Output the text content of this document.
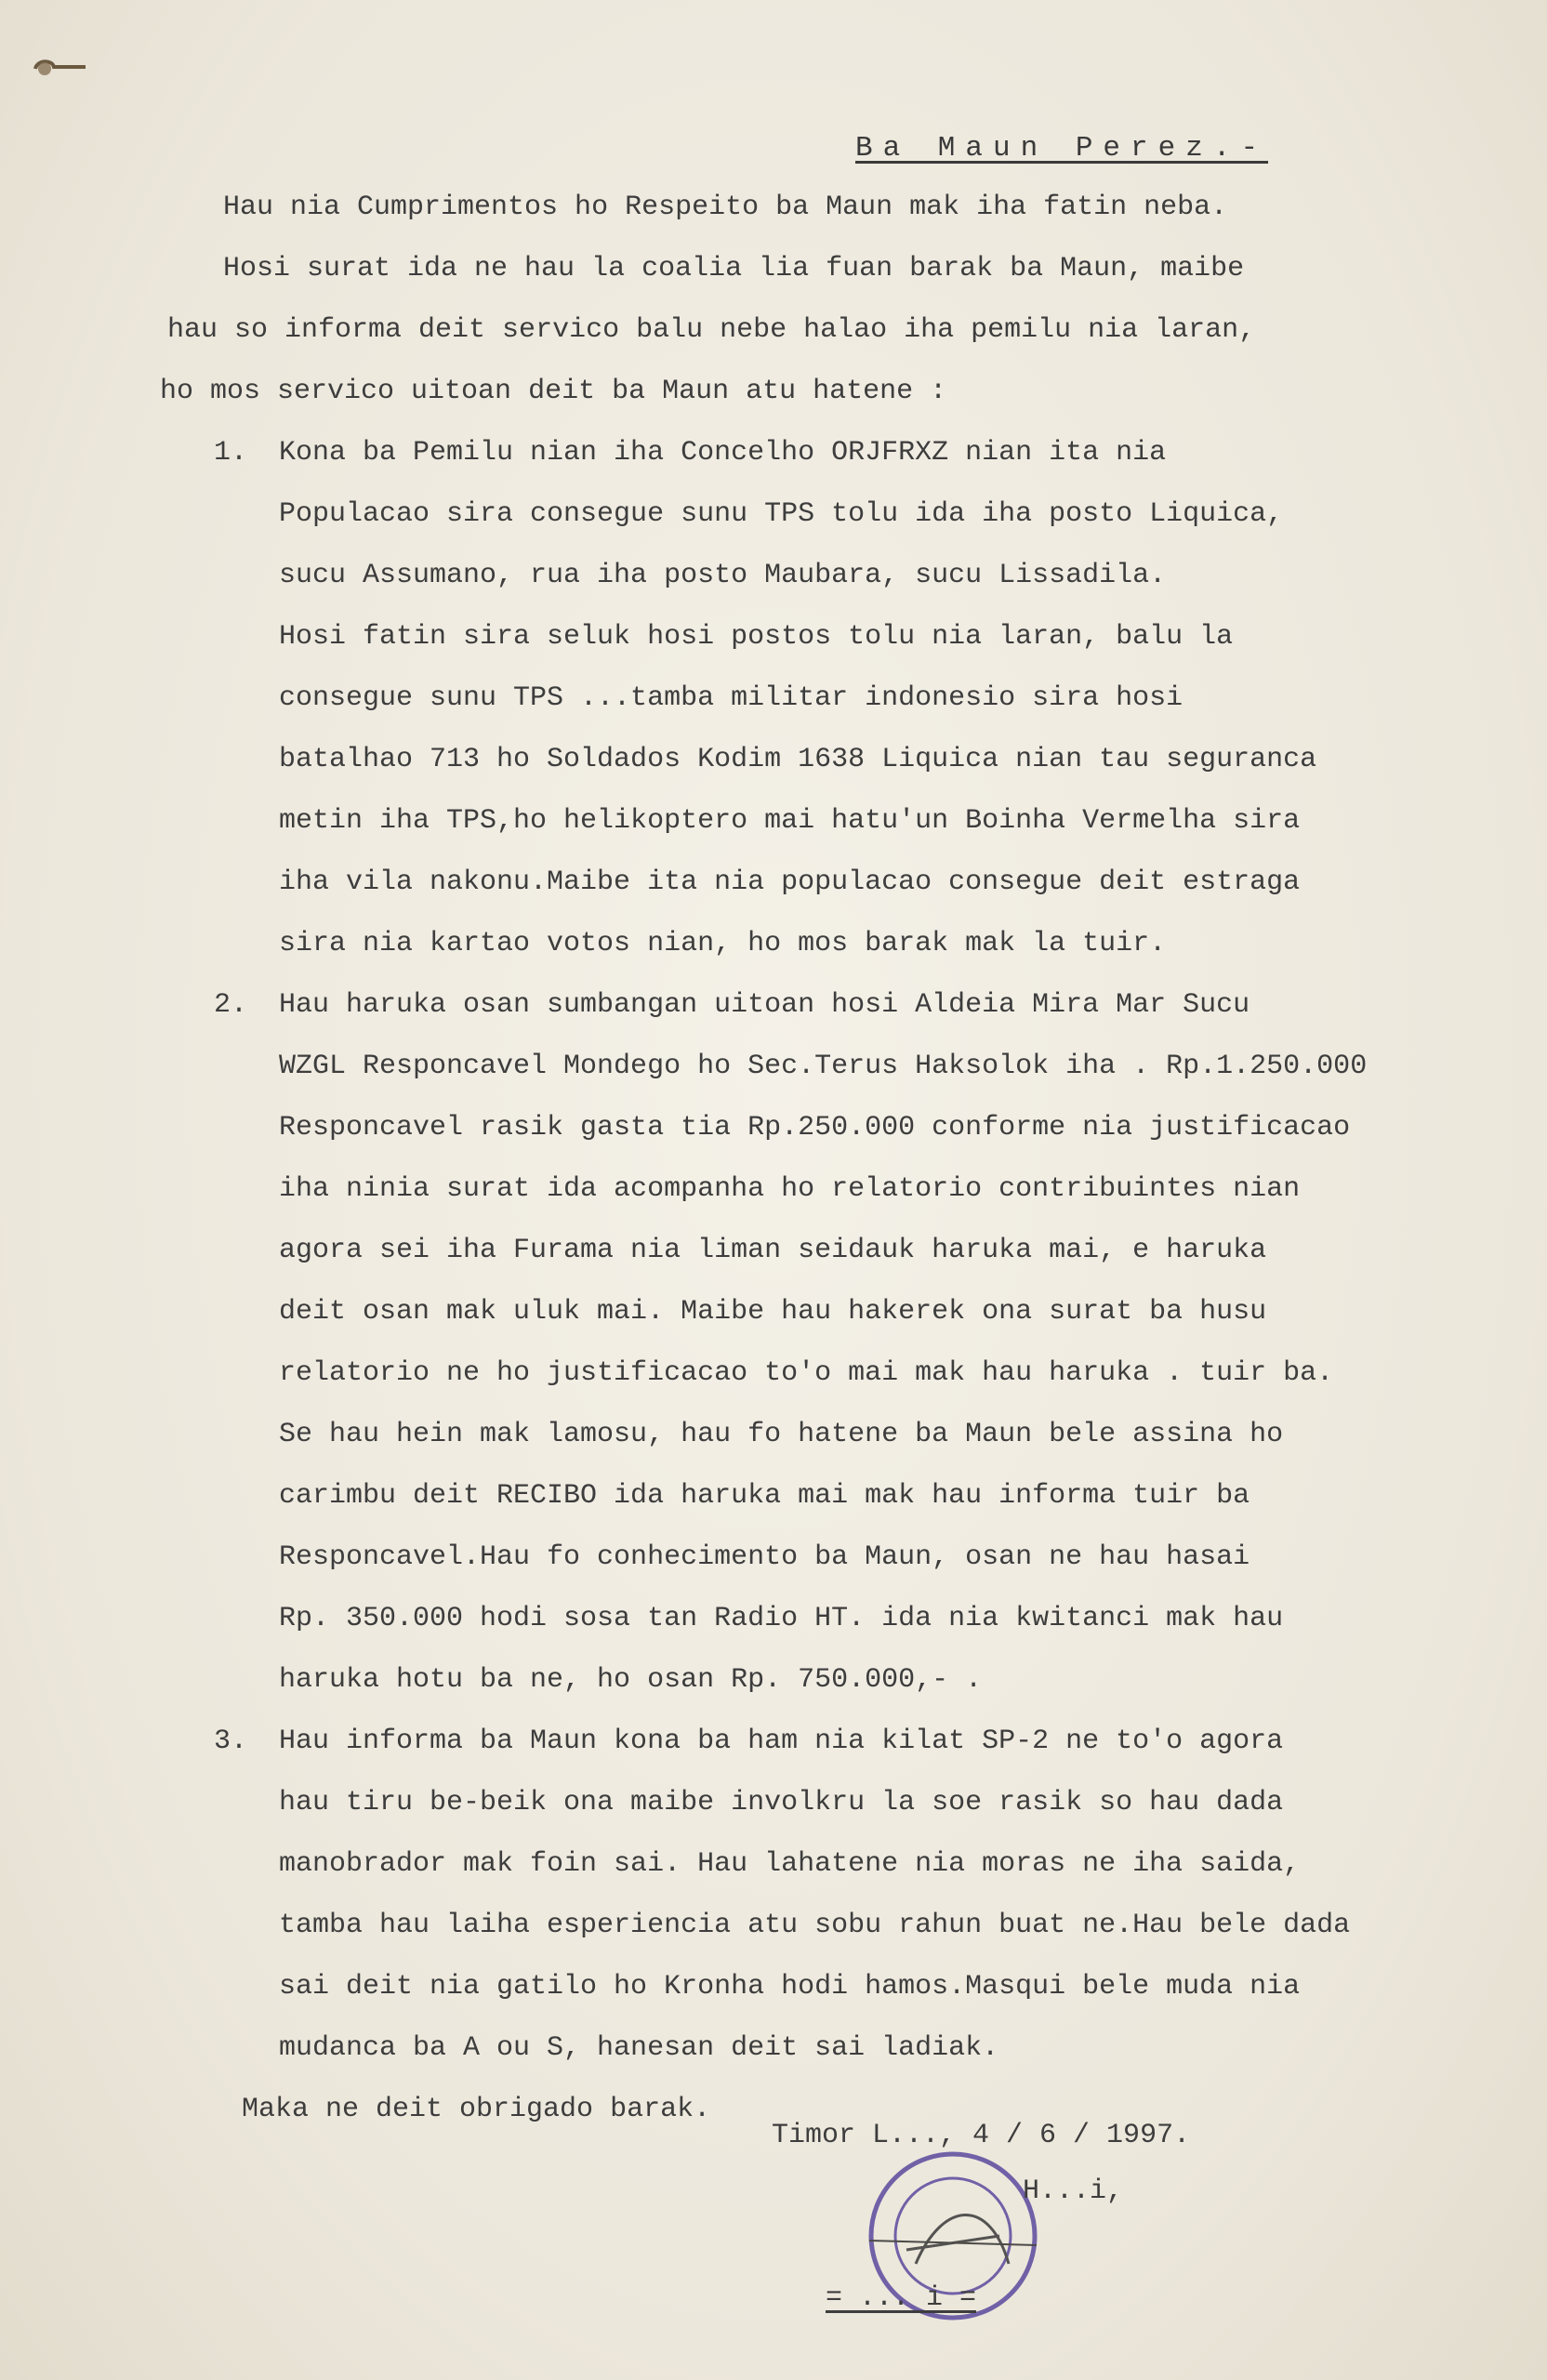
Ba Maun Perez.-
Hau nia Cumprimentos ho Respeito ba Maun mak iha fatin neba.
Hosi surat ida ne hau la coalia lia fuan barak ba Maun, maibe
hau so informa deit servico balu nebe halao iha pemilu nia laran,
ho mos servico uitoan deit ba Maun atu hatene :
1. Kona ba Pemilu nian iha Concelho ORJFRXZ nian ita nia
Populacao sira consegue sunu TPS tolu ida iha posto Liquica,
sucu Assumano, rua iha posto Maubara, sucu Lissadila.
Hosi fatin sira seluk hosi postos tolu nia laran, balu la
consegue sunu TPS ...tamba militar indonesio sira hosi
batalhao 713 ho Soldados Kodim 1638 Liquica nian tau seguranca
metin iha TPS,ho helikoptero mai hatu'un Boinha Vermelha sira
iha vila nakonu.Maibe ita nia populacao consegue deit estraga
sira nia kartao votos nian, ho mos barak mak la tuir.
2. Hau haruka osan sumbangan uitoan hosi Aldeia Mira Mar Sucu
WZGL Responcavel Mondego ho Sec.Terus Haksolok iha . Rp.1.250.000
Responcavel rasik gasta tia Rp.250.000 conforme nia justificacao
iha ninia surat ida acompanha ho relatorio contribuintes nian
agora sei iha Furama nia liman seidauk haruka mai, e haruka
deit osan mak uluk mai. Maibe hau hakerek ona surat ba husu
relatorio ne ho justificacao to'o mai mak hau haruka . tuir ba.
Se hau hein mak lamosu, hau fo hatene ba Maun bele assina ho
carimbu deit RECIBO ida haruka mai mak hau informa tuir ba
Responcavel.Hau fo conhecimento ba Maun, osan ne hau hasai
Rp. 350.000 hodi sosa tan Radio HT. ida nia kwitanci mak hau
haruka hotu ba ne, ho osan Rp. 750.000,- .
3. Hau informa ba Maun kona ba ham nia kilat SP-2 ne to'o agora
hau tiru be-beik ona maibe involkru la soe rasik so hau dada
manobrador mak foin sai. Hau lahatene nia moras ne iha saida,
tamba hau laiha esperiencia atu sobu rahun buat ne.Hau bele dada
sai deit nia gatilo ho Kronha hodi hamos.Masqui bele muda nia
mudanca ba A ou S, hanesan deit sai ladiak.
Maka ne deit obrigado barak.
Timor L..., 4 / 6 / 1997.
H...i,
= ... i =
